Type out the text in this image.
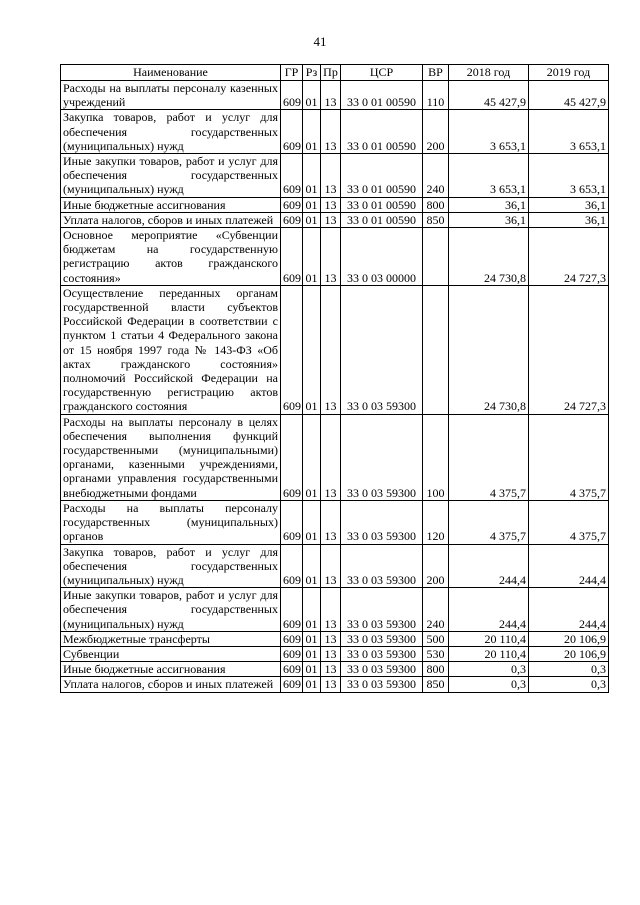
41
Наименование	ГР	Рз	Пр	ЦСР	ВР	2018 год	2019 год
Расходы на выплаты персоналу казенных учреждений	609	01	13	33 0 01 00590	110	45 427,9	45 427,9
Закупка товаров, работ и услуг для обеспечения государственных (муниципальных) нужд	609	01	13	33 0 01 00590	200	3 653,1	3 653,1
Иные закупки товаров, работ и услуг для обеспечения государственных (муниципальных) нужд	609	01	13	33 0 01 00590	240	3 653,1	3 653,1
Иные бюджетные ассигнования	609	01	13	33 0 01 00590	800	36,1	36,1
Уплата налогов, сборов и иных платежей	609	01	13	33 0 01 00590	850	36,1	36,1
Основное мероприятие «Субвенции бюджетам на государственную регистрацию актов гражданского состояния»	609	01	13	33 0 03 00000		24 730,8	24 727,3
Осуществление переданных органам государственной власти субъектов Российской Федерации в соответствии с пунктом 1 статьи 4 Федерального закона от 15 ноября 1997 года № 143-ФЗ «Об актах гражданского состояния» полномочий Российской Федерации на государственную регистрацию актов гражданского состояния	609	01	13	33 0 03 59300		24 730,8	24 727,3
Расходы на выплаты персоналу в целях обеспечения выполнения функций государственными (муниципальными) органами, казенными учреждениями, органами управления государственными внебюджетными фондами	609	01	13	33 0 03 59300	100	4 375,7	4 375,7
Расходы на выплаты персоналу государственных (муниципальных) органов	609	01	13	33 0 03 59300	120	4 375,7	4 375,7
Закупка товаров, работ и услуг для обеспечения государственных (муниципальных) нужд	609	01	13	33 0 03 59300	200	244,4	244,4
Иные закупки товаров, работ и услуг для обеспечения государственных (муниципальных) нужд	609	01	13	33 0 03 59300	240	244,4	244,4
Межбюджетные трансферты	609	01	13	33 0 03 59300	500	20 110,4	20 106,9
Субвенции	609	01	13	33 0 03 59300	530	20 110,4	20 106,9
Иные бюджетные ассигнования	609	01	13	33 0 03 59300	800	0,3	0,3
Уплата налогов, сборов и иных платежей	609	01	13	33 0 03 59300	850	0,3	0,3
